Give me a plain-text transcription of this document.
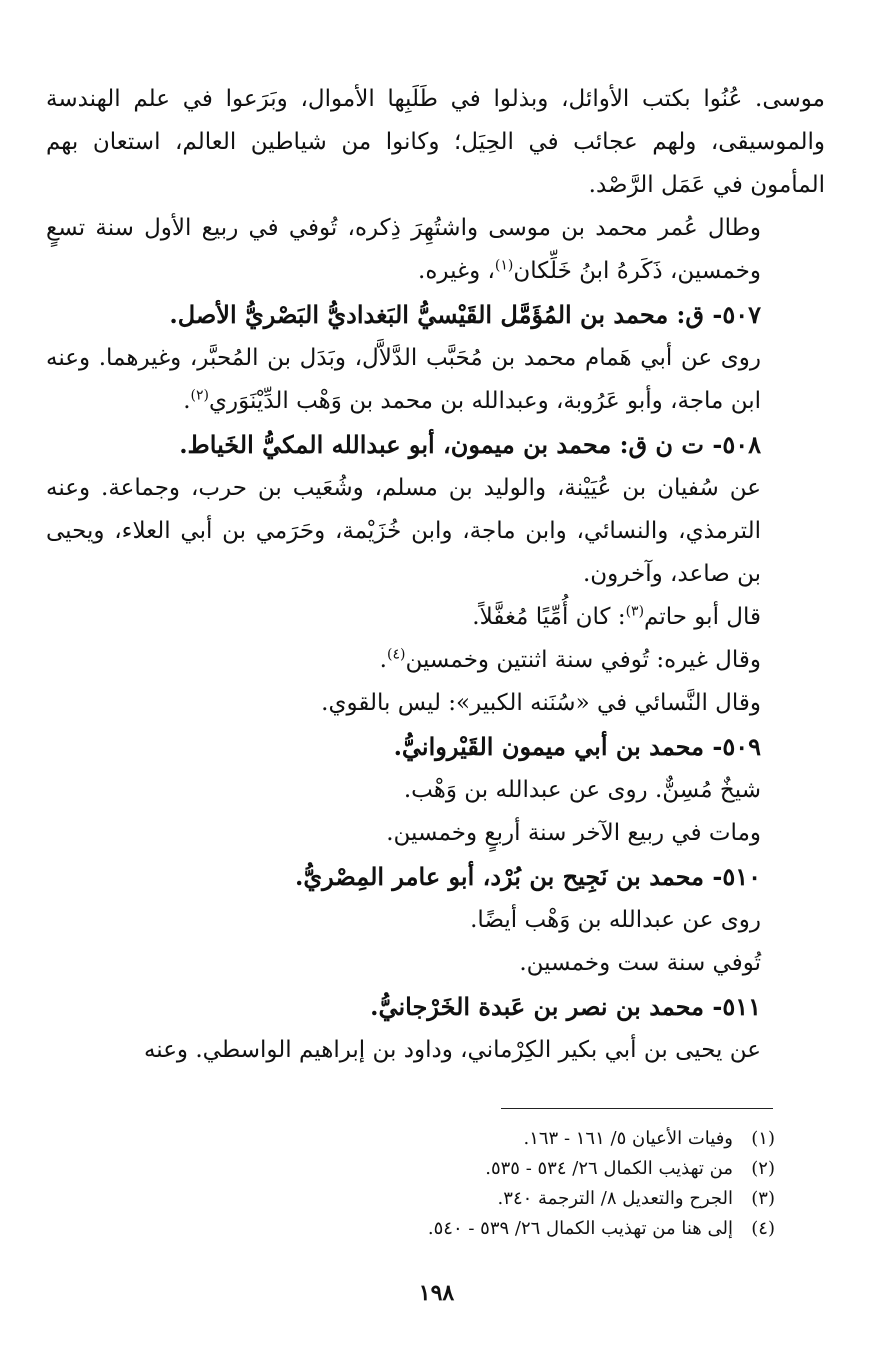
موسى. عُنُوا بكتب الأوائل، وبذلوا في طَلَبِها الأموال، وبَرَعوا في علم الهندسة والموسيقى، ولهم عجائب في الحِيَل؛ وكانوا من شياطين العالم، استعان بهم المأمون في عَمَل الرَّصْد.

وطال عُمر محمد بن موسى واشتُهِرَ ذِكره، تُوفي في ربيع الأول سنة تسعٍ وخمسين، ذَكَرهُ ابنُ خَلِّكان$^{(١)}$، وغيره.

٥٠٧- ق: محمد بن المُؤَمَّل القَيْسيُّ البَغداديُّ البَصْريُّ الأصل.

روى عن أبي هَمام محمد بن مُحَبَّب الدَّلاَّل، وبَدَل بن المُحبَّر، وغيرهما. وعنه ابن ماجة، وأبو عَرُوبة، وعبدالله بن محمد بن وَهْب الدِّيْنَوَري$^{(٢)}$.

٥٠٨- ت ن ق: محمد بن ميمون، أبو عبدالله المكيُّ الخَياط.

عن سُفيان بن عُيَيْنة، والوليد بن مسلم، وشُعَيب بن حرب، وجماعة. وعنه الترمذي، والنسائي، وابن ماجة، وابن خُزَيْمة، وحَرَمي بن أبي العلاء، ويحيى بن صاعد، وآخرون.

قال أبو حاتم$^{(٣)}$: كان أُمِّيًا مُغفَّلاً.

وقال غيره: تُوفي سنة اثنتين وخمسين$^{(٤)}$.

وقال النَّسائي في «سُنَنه الكبير»: ليس بالقوي.

٥٠٩- محمد بن أبي ميمون القَيْروانيُّ.

شيخٌ مُسِنٌّ. روى عن عبدالله بن وَهْب.

ومات في ربيع الآخر سنة أربعٍ وخمسين.

٥١٠- محمد بن نَجِيح بن بُرْد، أبو عامر المِصْريُّ.

روى عن عبدالله بن وَهْب أيضًا.

تُوفي سنة ست وخمسين.

٥١١- محمد بن نصر بن عَبدة الخَرْجانيُّ.

عن يحيى بن أبي بكير الكِرْماني، وداود بن إبراهيم الواسطي. وعنه

(١)وفيات الأعيان ٥/ ١٦١ - ١٦٣.

(٢)من تهذيب الكمال ٢٦/ ٥٣٤ - ٥٣٥.

(٣)الجرح والتعديل ٨/ الترجمة ٣٤٠.

(٤)إلى هنا من تهذيب الكمال ٢٦/ ٥٣٩ - ٥٤٠.

١٩٨
